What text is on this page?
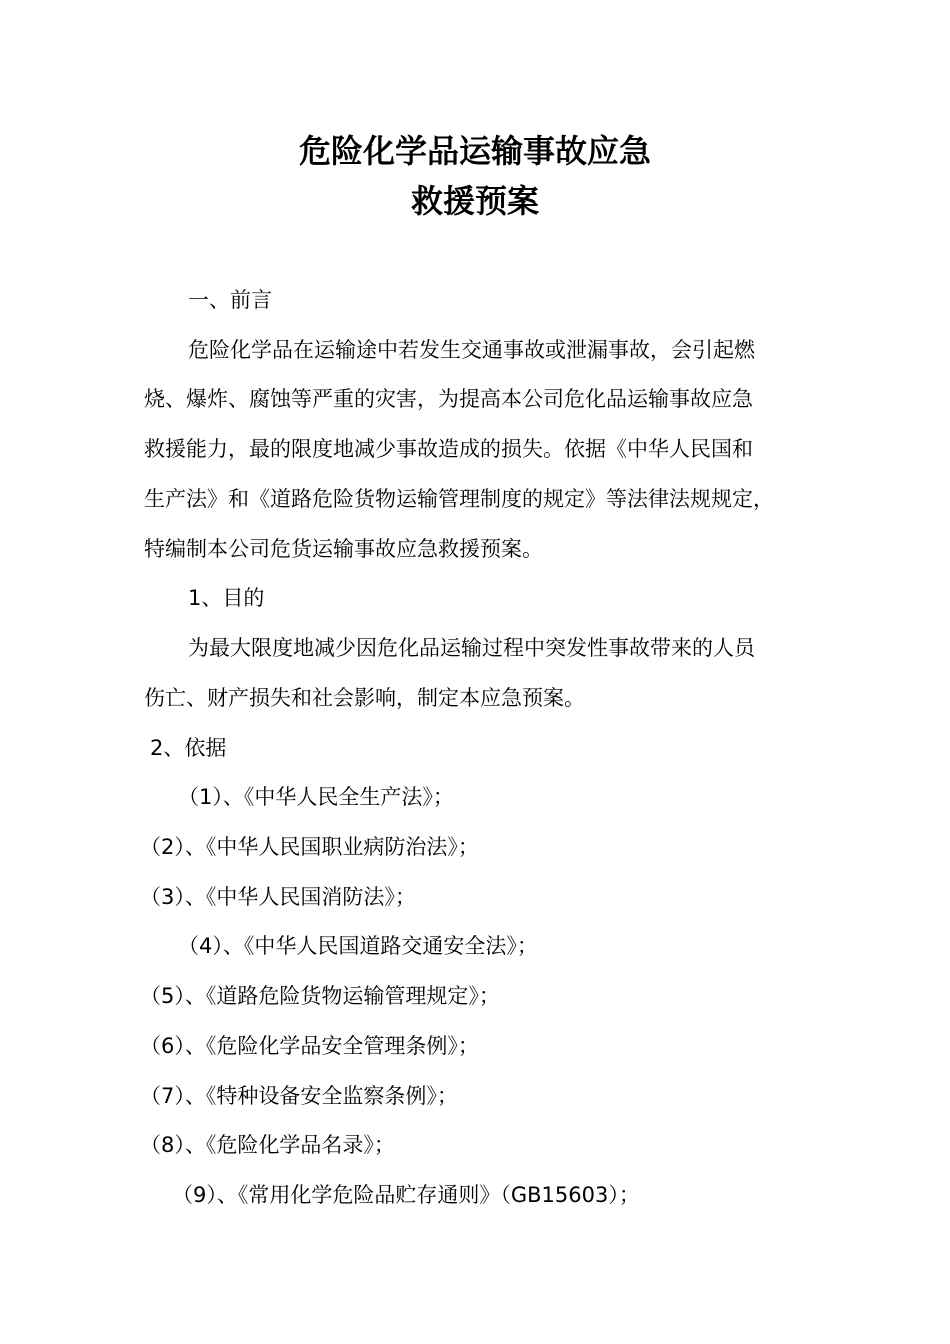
危险化学品运输事故应急
救援预案
一、前言
危险化学品在运输途中若发生交通事故或泄漏事故，会引起燃
烧、爆炸、腐蚀等严重的灾害，为提高本公司危化品运输事故应急
救援能力，最的限度地减少事故造成的损失。依据《中华人民国和
生产法》和《道路危险货物运输管理制度的规定》等法律法规规定，
特编制本公司危货运输事故应急救援预案。
1、目的
为最大限度地减少因危化品运输过程中突发性事故带来的人员
伤亡、财产损失和社会影响，制定本应急预案。
2、依据
（1）、《中华人民全生产法》；
（2）、《中华人民国职业病防治法》；
（3）、《中华人民国消防法》；
（4）、《中华人民国道路交通安全法》；
（5）、《道路危险货物运输管理规定》；
（6）、《危险化学品安全管理条例》；
（7）、《特种设备安全监察条例》；
（8）、《危险化学品名录》；
（9）、《常用化学危险品贮存通则》（GB15603）；
